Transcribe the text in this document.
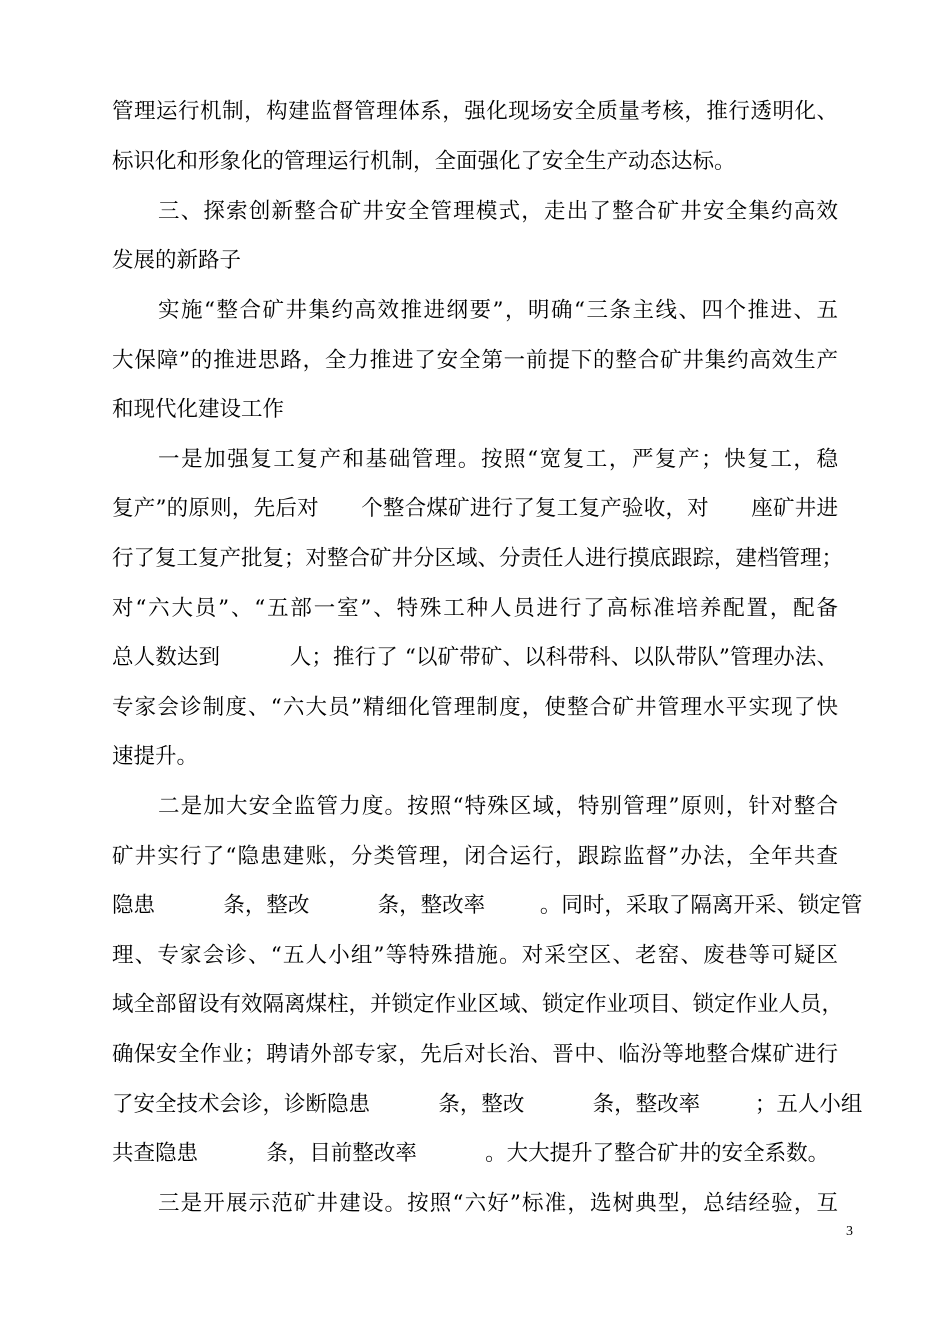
管理运行机制，构建监督管理体系，强化现场安全质量考核，推行透明化、
标识化和形象化的管理运行机制，全面强化了安全生产动态达标。
三、探索创新整合矿井安全管理模式，走出了整合矿井安全集约高效
发展的新路子
实施“整合矿井集约高效推进纲要”，明确“三条主线、四个推进、五
大保障”的推进思路，全力推进了安全第一前提下的整合矿井集约高效生产
和现代化建设工作
一是加强复工复产和基础管理。按照“宽复工，严复产；快复工，稳
复产”的原则，先后对      个整合煤矿进行了复工复产验收，对      座矿井进
行了复工复产批复；对整合矿井分区域、分责任人进行摸底跟踪，建档管理；
对“六大员”、“五部一室”、特殊工种人员进行了高标准培养配置，配备
总人数达到          人；推行了 “以矿带矿、以科带科、以队带队”管理办法、
专家会诊制度、“六大员”精细化管理制度，使整合矿井管理水平实现了快
速提升。
二是加大安全监管力度。按照“特殊区域，特别管理”原则，针对整合
矿井实行了“隐患建账，分类管理，闭合运行，跟踪监督”办法，全年共查
隐患          条，整改          条，整改率        。同时，采取了隔离开采、锁定管
理、专家会诊、“五人小组”等特殊措施。对采空区、老窑、废巷等可疑区
域全部留设有效隔离煤柱，并锁定作业区域、锁定作业项目、锁定作业人员，
确保安全作业；聘请外部专家，先后对长治、晋中、临汾等地整合煤矿进行
了安全技术会诊，诊断隐患          条，整改          条，整改率        ；五人小组
共查隐患          条，目前整改率          。大大提升了整合矿井的安全系数。
三是开展示范矿井建设。按照“六好”标准，选树典型，总结经验，互
3
